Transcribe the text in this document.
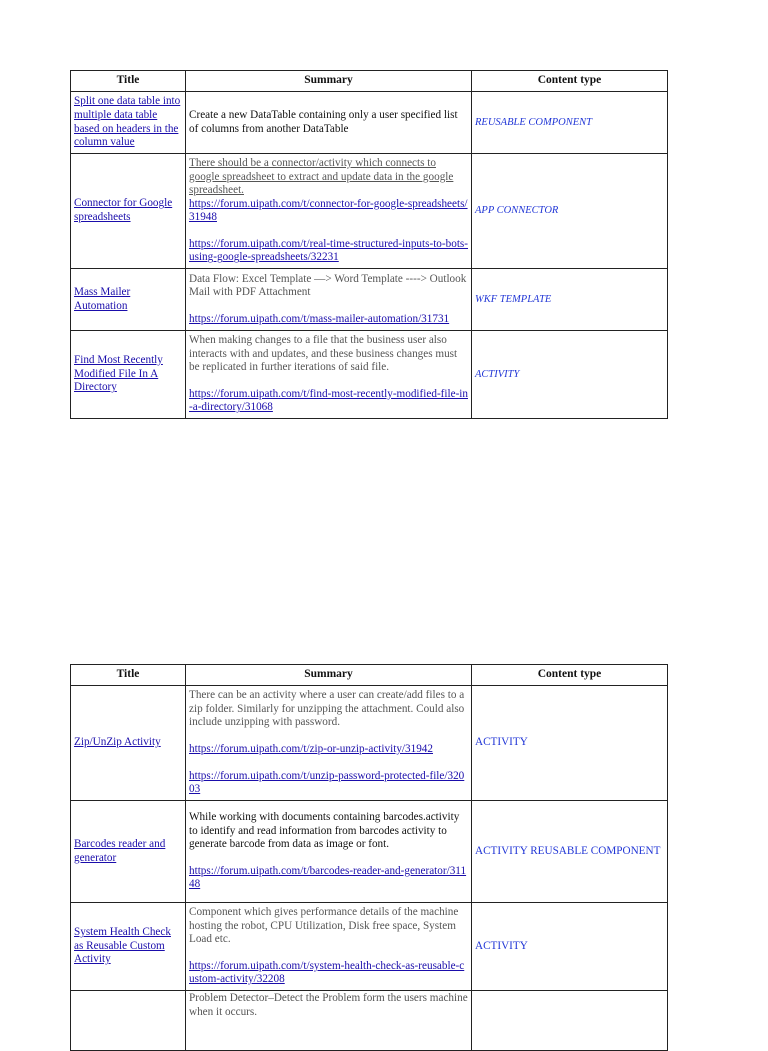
Title	Summary	Content type
Split one data table into multiple data table based on headers in the column value	Create a new DataTable containing only a user specified list of columns from another DataTable	REUSABLE COMPONENT
Connector for Google spreadsheets	There should be a connector/activity which connects to google spreadsheet to extract and update data in the google spreadsheet.
https://forum.uipath.com/t/connector-for-google-spreadsheets/31948
https://forum.uipath.com/t/real-time-structured-inputs-to-bots-using-google-spreadsheets/32231	APP CONNECTOR
Mass Mailer Automation	Data Flow: Excel Template —> Word Template ----> Outlook Mail with PDF Attachment
https://forum.uipath.com/t/mass-mailer-automation/31731	WKF TEMPLATE
Find Most Recently Modified File In A Directory	When making changes to a file that the business user also interacts with and updates, and these business changes must be replicated in further iterations of said file.
https://forum.uipath.com/t/find-most-recently-modified-file-in-a-directory/31068	ACTIVITY
Title	Summary	Content type
Zip/UnZip Activity	There can be an activity where a user can create/add files to a zip folder. Similarly for unzipping the attachment. Could also include unzipping with password.
https://forum.uipath.com/t/zip-or-unzip-activity/31942
https://forum.uipath.com/t/unzip-password-protected-file/32003	ACTIVITY
Barcodes reader and generator	While working with documents containing barcodes.activity to identify and read information from barcodes activity to generate barcode from data as image or font.
https://forum.uipath.com/t/barcodes-reader-and-generator/31148	ACTIVITY REUSABLE COMPONENT
System Health Check as Reusable Custom Activity	Component which gives performance details of the machine hosting the robot, CPU Utilization, Disk free space, System Load etc.
https://forum.uipath.com/t/system-health-check-as-reusable-custom-activity/32208	ACTIVITY

	Problem Detector–Detect the Problem form the users machine when it occurs.	
